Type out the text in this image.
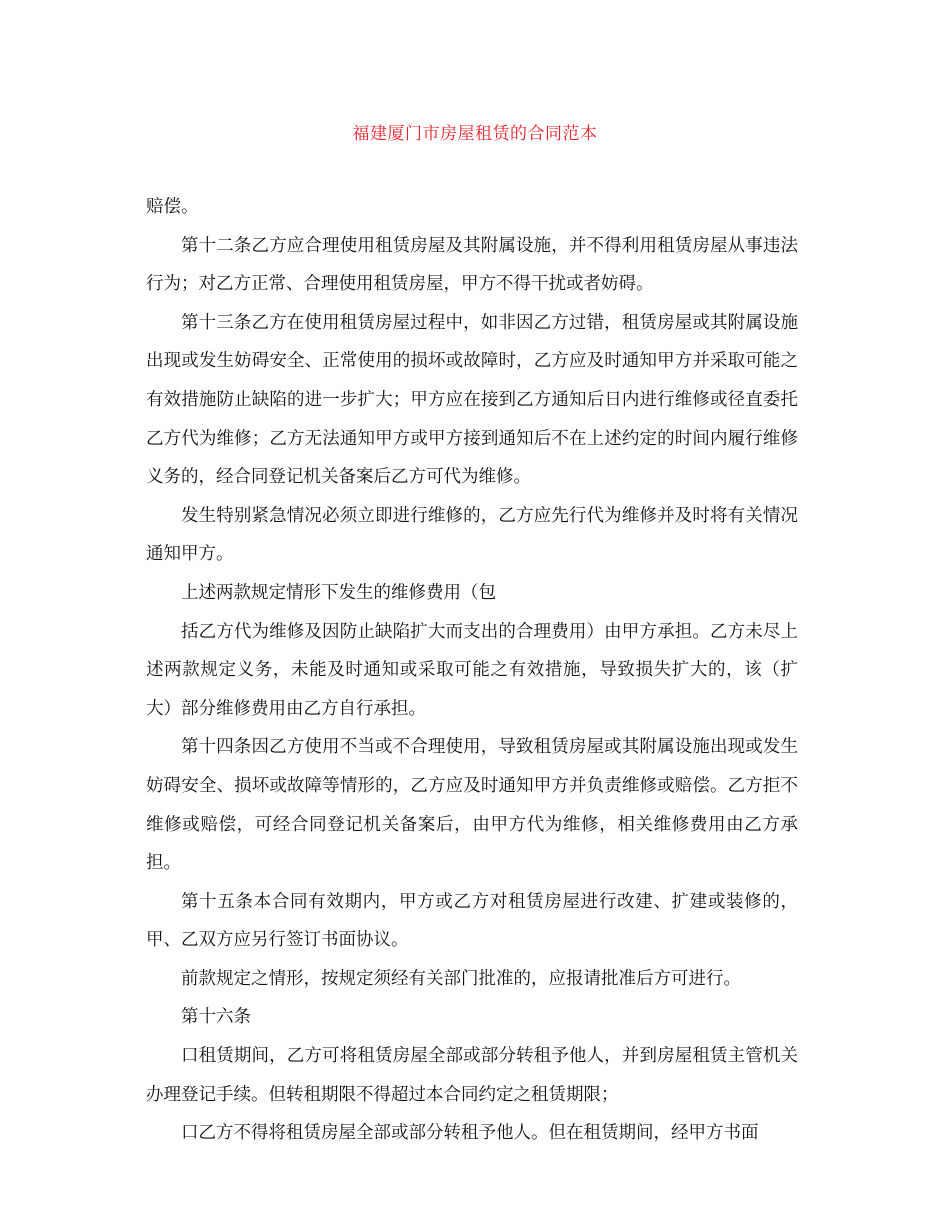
福建厦门市房屋租赁的合同范本

赔偿。

第十二条乙方应合理使用租赁房屋及其附属设施，并不得利用租赁房屋从事违法行为；对乙方正常、合理使用租赁房屋，甲方不得干扰或者妨碍。

第十三条乙方在使用租赁房屋过程中，如非因乙方过错，租赁房屋或其附属设施出现或发生妨碍安全、正常使用的损坏或故障时，乙方应及时通知甲方并采取可能之有效措施防止缺陷的进一步扩大；甲方应在接到乙方通知后日内进行维修或径直委托乙方代为维修；乙方无法通知甲方或甲方接到通知后不在上述约定的时间内履行维修义务的，经合同登记机关备案后乙方可代为维修。

发生特别紧急情况必须立即进行维修的，乙方应先行代为维修并及时将有关情况通知甲方。

上述两款规定情形下发生的维修费用（包

括乙方代为维修及因防止缺陷扩大而支出的合理费用）由甲方承担。乙方未尽上述两款规定义务，未能及时通知或采取可能之有效措施，导致损失扩大的，该（扩大）部分维修费用由乙方自行承担。

第十四条因乙方使用不当或不合理使用，导致租赁房屋或其附属设施出现或发生妨碍安全、损坏或故障等情形的，乙方应及时通知甲方并负责维修或赔偿。乙方拒不维修或赔偿，可经合同登记机关备案后，由甲方代为维修，相关维修费用由乙方承担。

第十五条本合同有效期内，甲方或乙方对租赁房屋进行改建、扩建或装修的，甲、乙双方应另行签订书面协议。

前款规定之情形，按规定须经有关部门批准的，应报请批准后方可进行。

第十六条

口租赁期间，乙方可将租赁房屋全部或部分转租予他人，并到房屋租赁主管机关办理登记手续。但转租期限不得超过本合同约定之租赁期限；

口乙方不得将租赁房屋全部或部分转租予他人。但在租赁期间，经甲方书面
